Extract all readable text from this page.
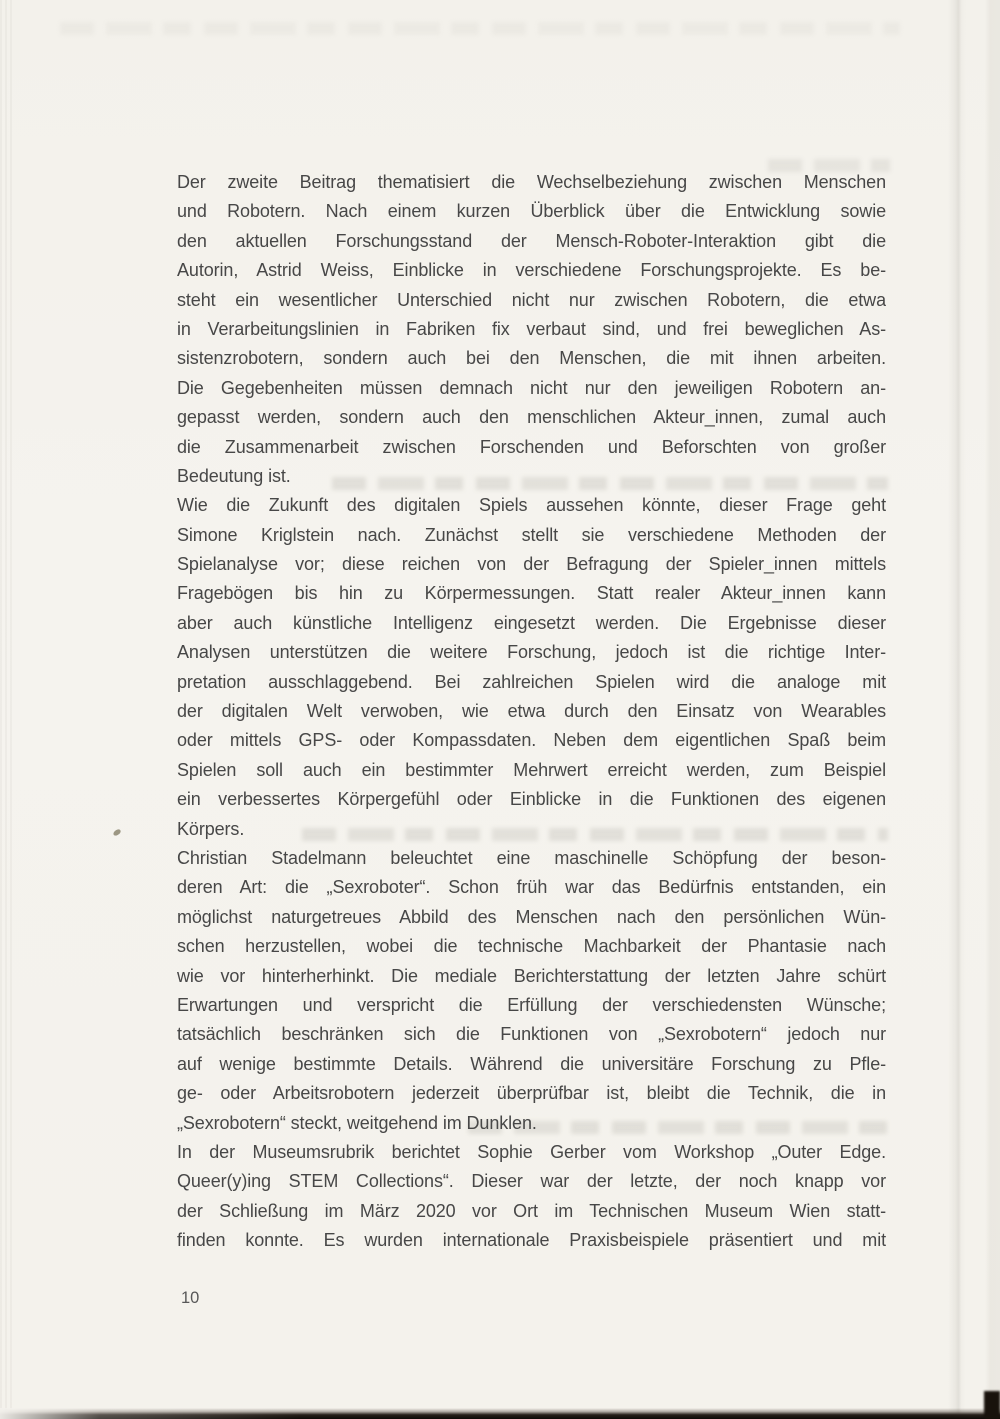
Der zweite Beitrag thematisiert die Wechselbeziehung zwischen Menschen
und Robotern. Nach einem kurzen Überblick über die Entwicklung sowie
den aktuellen Forschungsstand der Mensch-Roboter-Interaktion gibt die
Autorin, Astrid Weiss, Einblicke in verschiedene Forschungsprojekte. Es be-
steht ein wesentlicher Unterschied nicht nur zwischen Robotern, die etwa
in Verarbeitungslinien in Fabriken fix verbaut sind, und frei beweglichen As-
sistenzrobotern, sondern auch bei den Menschen, die mit ihnen arbeiten.
Die Gegebenheiten müssen demnach nicht nur den jeweiligen Robotern an-
gepasst werden, sondern auch den menschlichen Akteur_innen, zumal auch
die Zusammenarbeit zwischen Forschenden und Beforschten von großer
Bedeutung ist.

Wie die Zukunft des digitalen Spiels aussehen könnte, dieser Frage geht
Simone Kriglstein nach. Zunächst stellt sie verschiedene Methoden der
Spielanalyse vor; diese reichen von der Befragung der Spieler_innen mittels
Fragebögen bis hin zu Körpermessungen. Statt realer Akteur_innen kann
aber auch künstliche Intelligenz eingesetzt werden. Die Ergebnisse dieser
Analysen unterstützen die weitere Forschung, jedoch ist die richtige Inter-
pretation ausschlaggebend. Bei zahlreichen Spielen wird die analoge mit
der digitalen Welt verwoben, wie etwa durch den Einsatz von Wearables
oder mittels GPS- oder Kompassdaten. Neben dem eigentlichen Spaß beim
Spielen soll auch ein bestimmter Mehrwert erreicht werden, zum Beispiel
ein verbessertes Körpergefühl oder Einblicke in die Funktionen des eigenen
Körpers.

Christian Stadelmann beleuchtet eine maschinelle Schöpfung der beson-
deren Art: die „Sexroboter“. Schon früh war das Bedürfnis entstanden, ein
möglichst naturgetreues Abbild des Menschen nach den persönlichen Wün-
schen herzustellen, wobei die technische Machbarkeit der Phantasie nach
wie vor hinterherhinkt. Die mediale Berichterstattung der letzten Jahre schürt
Erwartungen und verspricht die Erfüllung der verschiedensten Wünsche;
tatsächlich beschränken sich die Funktionen von „Sexrobotern“ jedoch nur
auf wenige bestimmte Details. Während die universitäre Forschung zu Pfle-
ge- oder Arbeitsrobotern jederzeit überprüfbar ist, bleibt die Technik, die in
„Sexrobotern“ steckt, weitgehend im Dunklen.

In der Museumsrubrik berichtet Sophie Gerber vom Workshop „Outer Edge.
Queer(y)ing STEM Collections“. Dieser war der letzte, der noch knapp vor
der Schließung im März 2020 vor Ort im Technischen Museum Wien statt-
finden konnte. Es wurden internationale Praxisbeispiele präsentiert und mit

10
